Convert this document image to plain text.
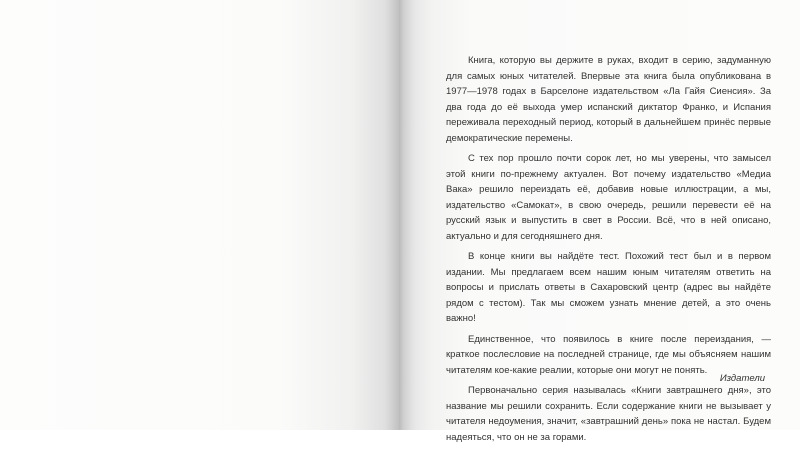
Книга, которую вы держите в руках, входит в серию, задуманную для самых юных читателей. Впервые эта книга была опубликована в 1977—1978 годах в Барселоне издательством «Ла Гайя Сиенсия». За два года до её выхода умер испанский диктатор Франко, и Испания переживала переходный период, который в дальнейшем принёс первые демократические перемены.

С тех пор прошло почти сорок лет, но мы уверены, что замысел этой книги по-прежнему актуален. Вот почему издательство «Медиа Вака» решило переиздать её, добавив новые иллюстрации, а мы, издательство «Самокат», в свою очередь, решили перевести её на русский язык и выпустить в свет в России. Всё, что в ней описано, актуально и для сегодняшнего дня.

В конце книги вы найдёте тест. Похожий тест был и в первом издании. Мы предлагаем всем нашим юным читателям ответить на вопросы и прислать ответы в Сахаровский центр (адрес вы найдёте рядом с тестом). Так мы сможем узнать мнение детей, а это очень важно!

Единственное, что появилось в книге после переиздания, — краткое послесловие на последней странице, где мы объясняем нашим читателям кое-какие реалии, которые они могут не понять.

Первоначально серия называлась «Книги завтрашнего дня», это название мы решили сохранить. Если содержание книги не вызывает у читателя недоумения, значит, «завтрашний день» пока не настал. Будем надеяться, что он не за горами.

Издатели
